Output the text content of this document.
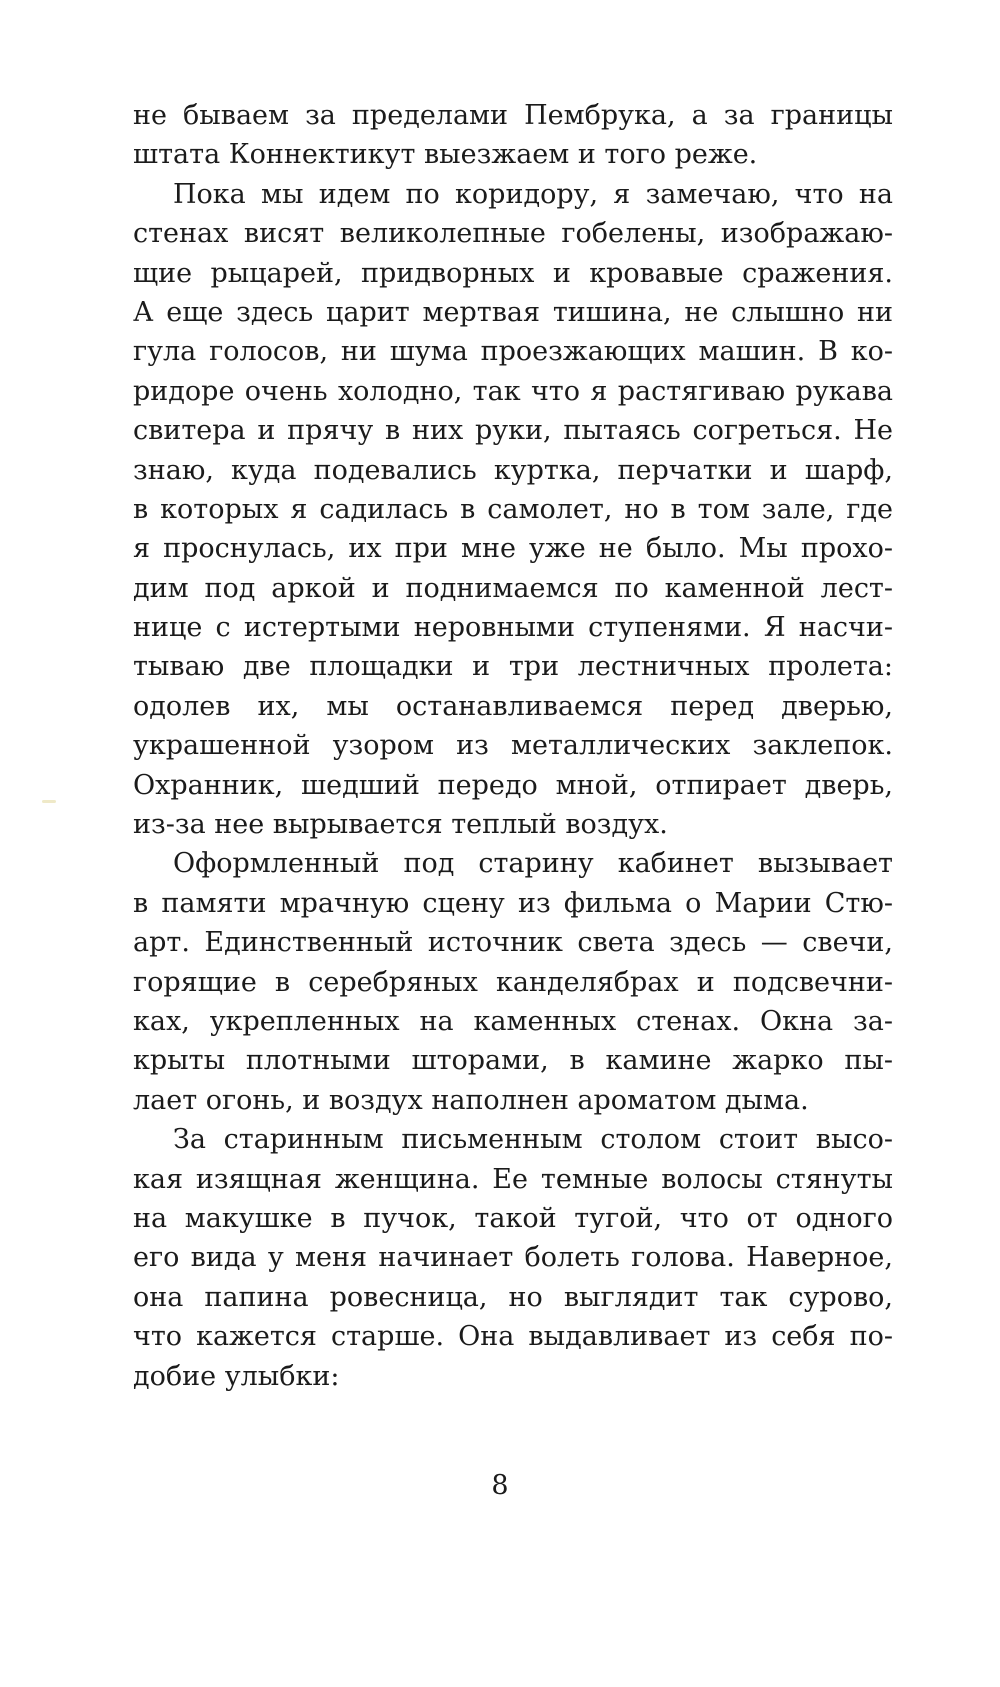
не бываем за пределами Пембрука, а за границы
штата Коннектикут выезжаем и того реже.
Пока мы идем по коридору, я замечаю, что на
стенах висят великолепные гобелены, изображаю-
щие рыцарей, придворных и кровавые сражения.
А еще здесь царит мертвая тишина, не слышно ни
гула голосов, ни шума проезжающих машин. В ко-
ридоре очень холодно, так что я растягиваю рукава
свитера и прячу в них руки, пытаясь согреться. Не
знаю, куда подевались куртка, перчатки и шарф,
в которых я садилась в самолет, но в том зале, где
я проснулась, их при мне уже не было. Мы прохо-
дим под аркой и поднимаемся по каменной лест-
нице с истертыми неровными ступенями. Я насчи-
тываю две площадки и три лестничных пролета:
одолев их, мы останавливаемся перед дверью,
украшенной узором из металлических заклепок.
Охранник, шедший передо мной, отпирает дверь,
из-за нее вырывается теплый воздух.
Оформленный под старину кабинет вызывает
в памяти мрачную сцену из фильма о Марии Стю-
арт. Единственный источник света здесь — свечи,
горящие в серебряных канделябрах и подсвечни-
ках, укрепленных на каменных стенах. Окна за-
крыты плотными шторами, в камине жарко пы-
лает огонь, и воздух наполнен ароматом дыма.
За старинным письменным столом стоит высо-
кая изящная женщина. Ее темные волосы стянуты
на макушке в пучок, такой тугой, что от одного
его вида у меня начинает болеть голова. Наверное,
она папина ровесница, но выглядит так сурово,
что кажется старше. Она выдавливает из себя по-
добие улыбки:
8
